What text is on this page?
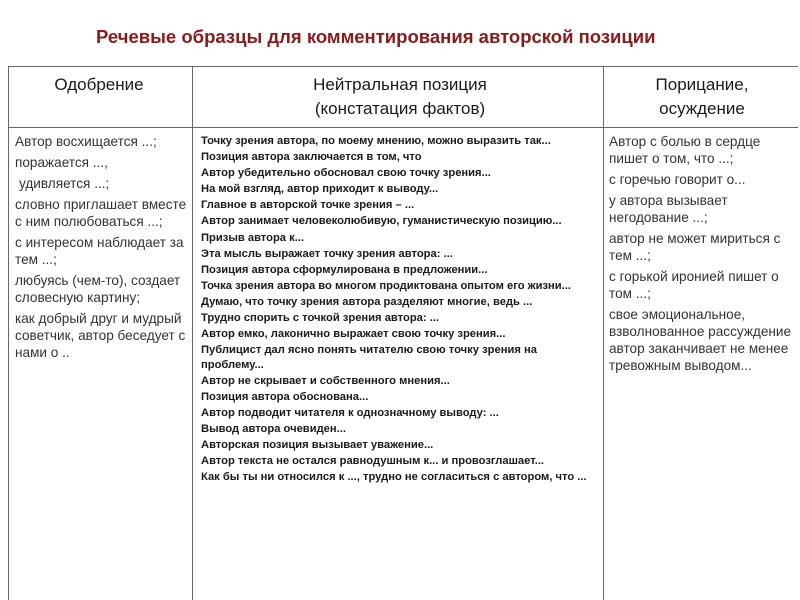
Речевые образцы для комментирования авторской позиции
Одобрение	Нейтральная позиция
(констатация фактов)
Порицание,
осуждение

Автор восхищается ...;

поражается ...,

удивляется ...;

словно приглашает вместе с ним полюбоваться ...;

с интересом наблюдает за тем ...;

любуясь (чем-то), создает словесную картину;

как добрый друг и мудрый советчик, автор беседует с нами о ..

Точку зрения автора, по моему мнению, можно выразить так...

Позиция автора заключается в том, что

Автор убедительно обосновал свою точку зрения...

На мой взгляд, автор приходит к выводу...

Главное в авторской точке зрения – ...

Автор занимает человеколюбивую, гуманистическую позицию...

Призыв автора к...

Эта мысль выражает точку зрения автора: ...

Позиция автора сформулирована в предложении...

Точка зрения автора во многом продиктована опытом его жизни...

Думаю, что точку зрения автора разделяют многие, ведь ...

Трудно спорить с точкой зрения автора: ...

Автор емко, лаконично выражает свою точку зрения...

Публицист дал ясно понять читателю свою точку зрения на проблему...

Автор не скрывает и собственного мнения...

Позиция автора обоснована...

Автор подводит читателя к однозначному выводу: ...

Вывод автора очевиден...

Авторская позиция вызывает уважение...

Автор текста не остался равнодушным к... и провозглашает...

Как бы ты ни относился к ..., трудно не согласиться с автором, что ...

Автор с болью в сердце пишет о том, что ...;

с горечью говорит о...

у автора вызывает негодование ...;

автор не может мириться с тем ...;

с горькой иронией пишет о том ...;

свое эмоциональное, взволнованное рассуждение автор заканчивает не менее тревожным выводом...
